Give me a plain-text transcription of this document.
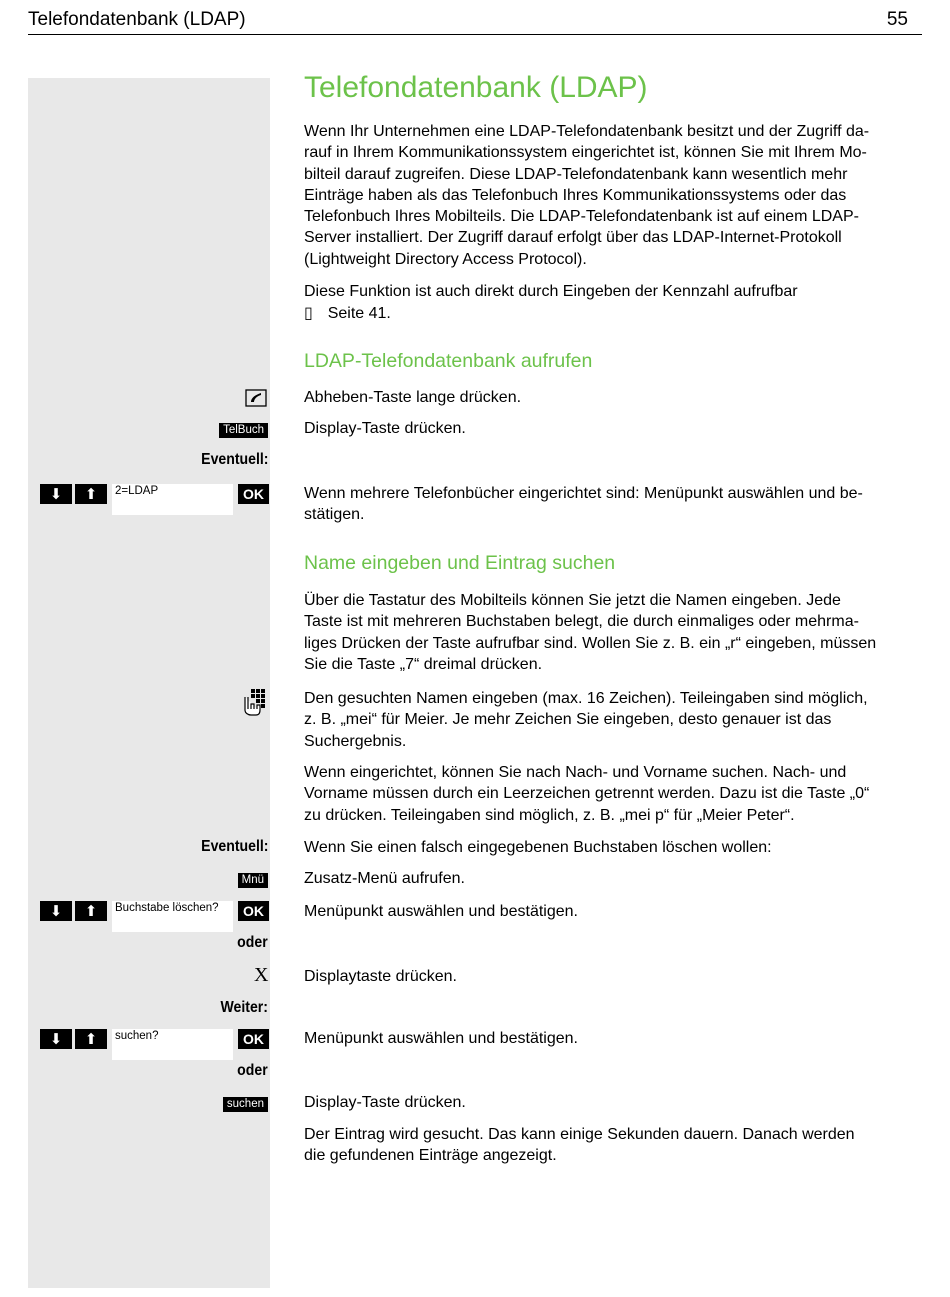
Telefondatenbank (LDAP)	55
Telefondatenbank (LDAP)
Wenn Ihr Unternehmen eine LDAP-Telefondatenbank besitzt und der Zugriff da-
rauf in Ihrem Kommunikationssystem eingerichtet ist, können Sie mit Ihrem Mo-
bilteil darauf zugreifen. Diese LDAP-Telefondatenbank kann wesentlich mehr
Einträge haben als das Telefonbuch Ihres Kommunikationssystems oder das
Telefonbuch Ihres Mobilteils. Die LDAP-Telefondatenbank ist auf einem LDAP-
Server installiert. Der Zugriff darauf erfolgt über das LDAP-Internet-Protokoll
(Lightweight Directory Access Protocol).
Diese Funktion ist auch direkt durch Eingeben der Kennzahl aufrufbar
▯ Seite 41.
LDAP-Telefondatenbank aufrufen
Abheben-Taste lange drücken.
TelBuch	Display-Taste drücken.
Eventuell:
⬇	⬆	2=LDAP	OK	Wenn mehrere Telefonbücher eingerichtet sind: Menüpunkt auswählen und be-
stätigen.
Name eingeben und Eintrag suchen
Über die Tastatur des Mobilteils können Sie jetzt die Namen eingeben. Jede
Taste ist mit mehreren Buchstaben belegt, die durch einmaliges oder mehrma-
liges Drücken der Taste aufrufbar sind. Wollen Sie z. B. ein „r“ eingeben, müssen
Sie die Taste „7“ dreimal drücken.
Den gesuchten Namen eingeben (max. 16 Zeichen). Teileingaben sind möglich,
z. B. „mei“ für Meier. Je mehr Zeichen Sie eingeben, desto genauer ist das
Suchergebnis.
Wenn eingerichtet, können Sie nach Nach- und Vorname suchen. Nach- und
Vorname müssen durch ein Leerzeichen getrennt werden. Dazu ist die Taste „0“
zu drücken. Teileingaben sind möglich, z. B. „mei p“ für „Meier Peter“.
Eventuell: Wenn Sie einen falsch eingegebenen Buchstaben löschen wollen:
Mnü	Zusatz-Menü aufrufen.
⬇	⬆	Buchstabe löschen?	OK	Menüpunkt auswählen und bestätigen.
oder
X Displaytaste drücken.
Weiter:
⬇	⬆	suchen?	OK	Menüpunkt auswählen und bestätigen.
oder
suchen	Display-Taste drücken.
Der Eintrag wird gesucht. Das kann einige Sekunden dauern. Danach werden
die gefundenen Einträge angezeigt.
